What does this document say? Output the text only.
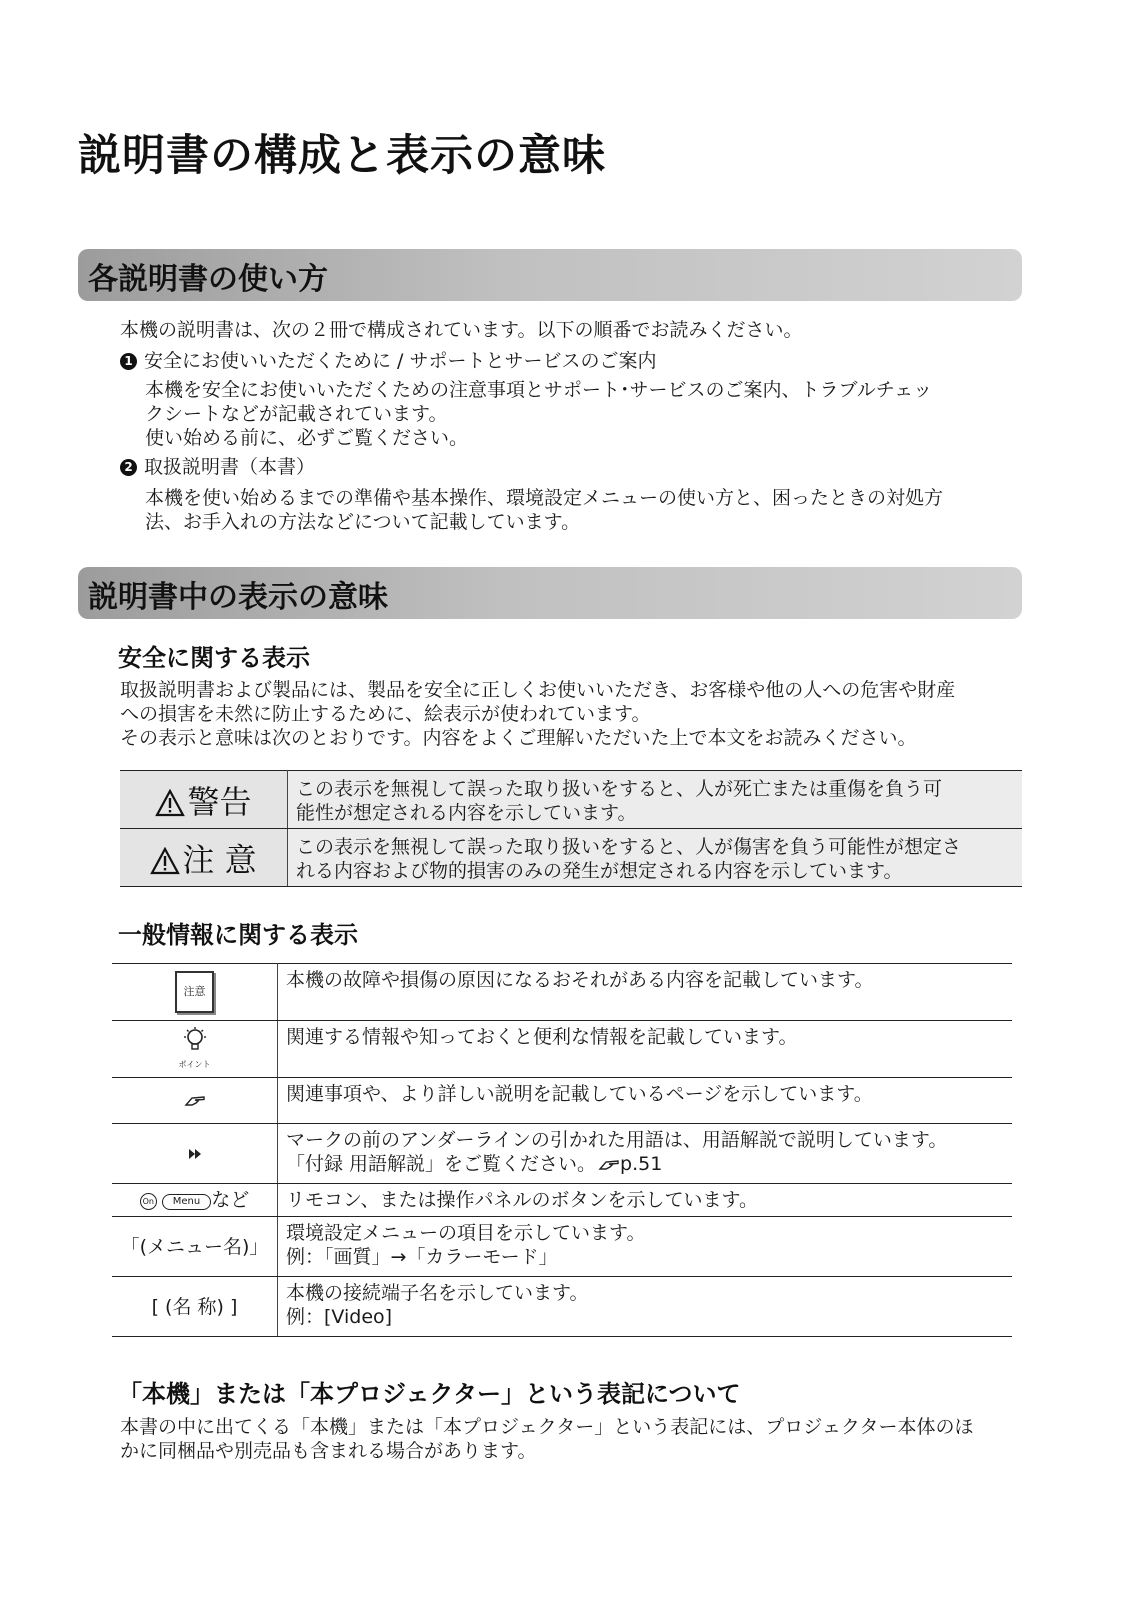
説明書の構成と表示の意味
各説明書の使い方
本機の説明書は、次の２冊で構成されています。以下の順番でお読みください。
1 安全にお使いいただくために / サポートとサービスのご案内
本機を安全にお使いいただくための注意事項とサポート･サービスのご案内、トラブルチェッ
クシートなどが記載されています。
使い始める前に、必ずご覧ください。
2 取扱説明書（本書）
本機を使い始めるまでの準備や基本操作、環境設定メニューの使い方と、困ったときの対処方
法、お手入れの方法などについて記載しています。
説明書中の表示の意味
安全に関する表示
取扱説明書および製品には、製品を安全に正しくお使いいただき、お客様や他の人への危害や財産
への損害を未然に防止するために、絵表示が使われています。
その表示と意味は次のとおりです。内容をよくご理解いただいた上で本文をお読みください。
警告	この表示を無視して誤った取り扱いをすると、人が死亡または重傷を負う可
能性が想定される内容を示しています。

注 意	この表示を無視して誤った取り扱いをすると、人が傷害を負う可能性が想定さ
れる内容および物的損害のみの発生が想定される内容を示しています。
一般情報に関する表示
注意	本機の故障や損傷の原因になるおそれがある内容を記載しています。

ポイント	関連する情報や知っておくと便利な情報を記載しています。

関連事項や、より詳しい説明を記載しているページを示しています。

マークの前のアンダーラインの引かれた用語は、用語解説で説明しています。
「付録 用語解説」をご覧ください。 p.51

On Menu など	リモコン、または操作パネルのボタンを示しています。

「(メニュー名)」	環境設定メニューの項目を示しています。
例：「画質」→「カラーモード」

[ (名 称) ]	本機の接続端子名を示しています。
例：[Video]
「本機」または「本プロジェクター」という表記について
本書の中に出てくる「本機」または「本プロジェクター」という表記には、プロジェクター本体のほ
かに同梱品や別売品も含まれる場合があります。
